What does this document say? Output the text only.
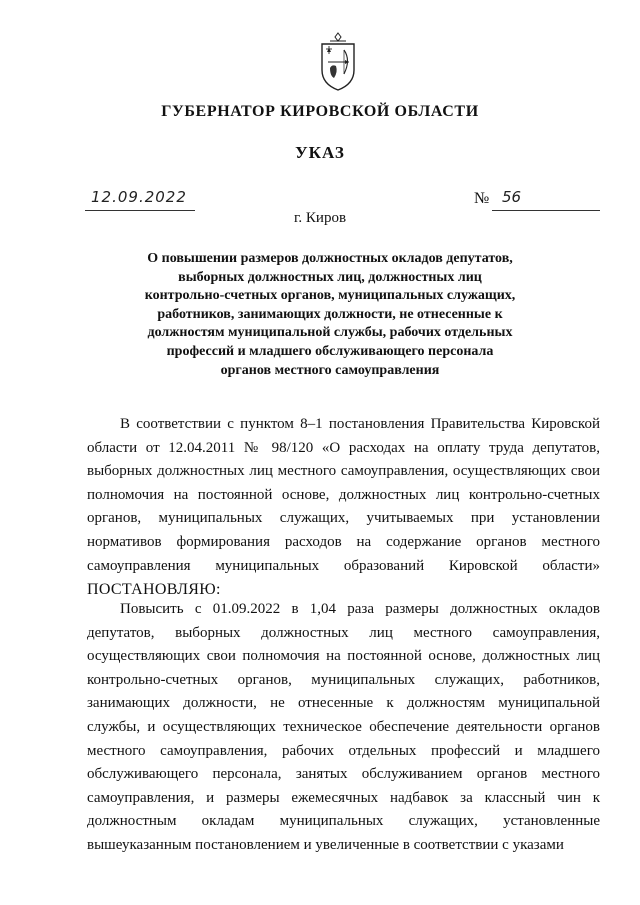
ГУБЕРНАТОР КИРОВСКОЙ ОБЛАСТИ
УКАЗ
12.09.2022	№ 56
г. Киров
О повышении размеров должностных окладов депутатов, выборных должностных лиц, должностных лиц контрольно-счетных органов, муниципальных служащих, работников, занимающих должности, не отнесенные к должностям муниципальной службы, рабочих отдельных профессий и младшего обслуживающего персонала органов местного самоуправления

В соответствии с пунктом 8–1 постановления Правительства Кировской области от 12.04.2011 № 98/120 «О расходах на оплату труда депутатов, выборных должностных лиц местного самоуправления, осуществляющих свои полномочия на постоянной основе, должностных лиц контрольно-счетных органов, муниципальных служащих, учитываемых при установлении нормативов формирования расходов на содержание органов местного самоуправления муниципальных образований Кировской области» ПОСТАНОВЛЯЮ:

Повысить с 01.09.2022 в 1,04 раза размеры должностных окладов депутатов, выборных должностных лиц местного самоуправления, осуществляющих свои полномочия на постоянной основе, должностных лиц контрольно-счетных органов, муниципальных служащих, работников, занимающих должности, не отнесенные к должностям муниципальной службы, и осуществляющих техническое обеспечение деятельности органов местного самоуправления, рабочих отдельных профессий и младшего обслуживающего персонала, занятых обслуживанием органов местного самоуправления, и размеры ежемесячных надбавок за классный чин к должностным окладам муниципальных служащих, установленные вышеуказанным постановлением и увеличенные в соответствии с указами
